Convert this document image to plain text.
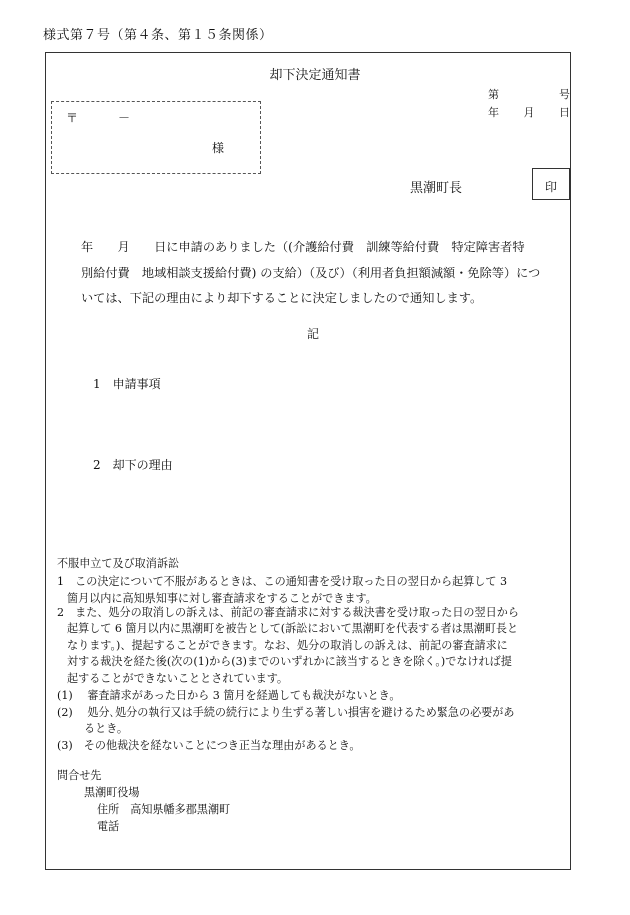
様式第７号（第４条、第１５条関係）
却下決定通知書
第	号
年 月 日
〒	－
様
黒潮町長	印
年　　月　　日に申請のありました（(介護給付費　訓練等給付費　特定障害者特
別給付費　地域相談支援給付費) の支給）（及び）（利用者負担額減額・免除等）につ
いては、下記の理由により却下することに決定しましたので通知します。
記
1　申請事項
2　却下の理由
不服申立て及び取消訴訟
1　この決定について不服があるときは、この通知書を受け取った日の翌日から起算して 3
箇月以内に高知県知事に対し審査請求をすることができます。
2　また、処分の取消しの訴えは、前記の審査請求に対する裁決書を受け取った日の翌日から
起算して 6 箇月以内に黒潮町を被告として(訴訟において黒潮町を代表する者は黒潮町長と
なります。)、提起することができます。なお、処分の取消しの訴えは、前記の審査請求に
対する裁決を経た後(次の(1)から(3)までのいずれかに該当するときを除く。)でなければ提
起することができないこととされています。
(1)　 審査請求があった日から 3 箇月を経過しても裁決がないとき。
(2)　 処分､処分の執行又は手続の続行により生ずる著しい損害を避けるため緊急の必要があ
るとき。
(3)　その他裁決を経ないことにつき正当な理由があるとき。
問合せ先
黒潮町役場
住所　高知県幡多郡黒潮町
電話
